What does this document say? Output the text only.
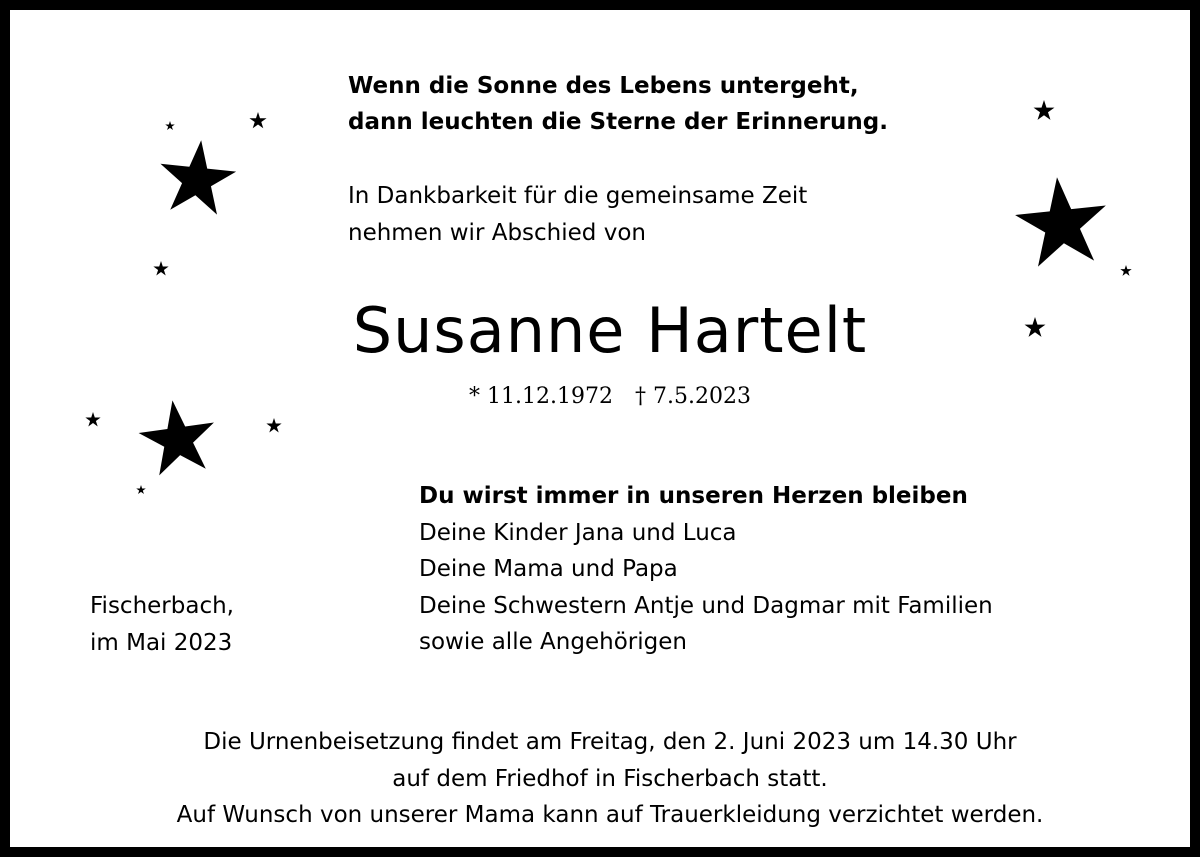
Wenn die Sonne des Lebens untergeht,
dann leuchten die Sterne der Erinnerung.
In Dankbarkeit für die gemeinsame Zeit
nehmen wir Abschied von
Susanne Hartelt
* 11.12.1972 † 7.5.2023
Du wirst immer in unseren Herzen bleiben
Deine Kinder Jana und Luca
Deine Mama und Papa
Deine Schwestern Antje und Dagmar mit Familien
sowie alle Angehörigen
Fischerbach,
im Mai 2023
Die Urnenbeisetzung findet am Freitag, den 2. Juni 2023 um 14.30 Uhr
auf dem Friedhof in Fischerbach statt.
Auf Wunsch von unserer Mama kann auf Trauerkleidung verzichtet werden.
